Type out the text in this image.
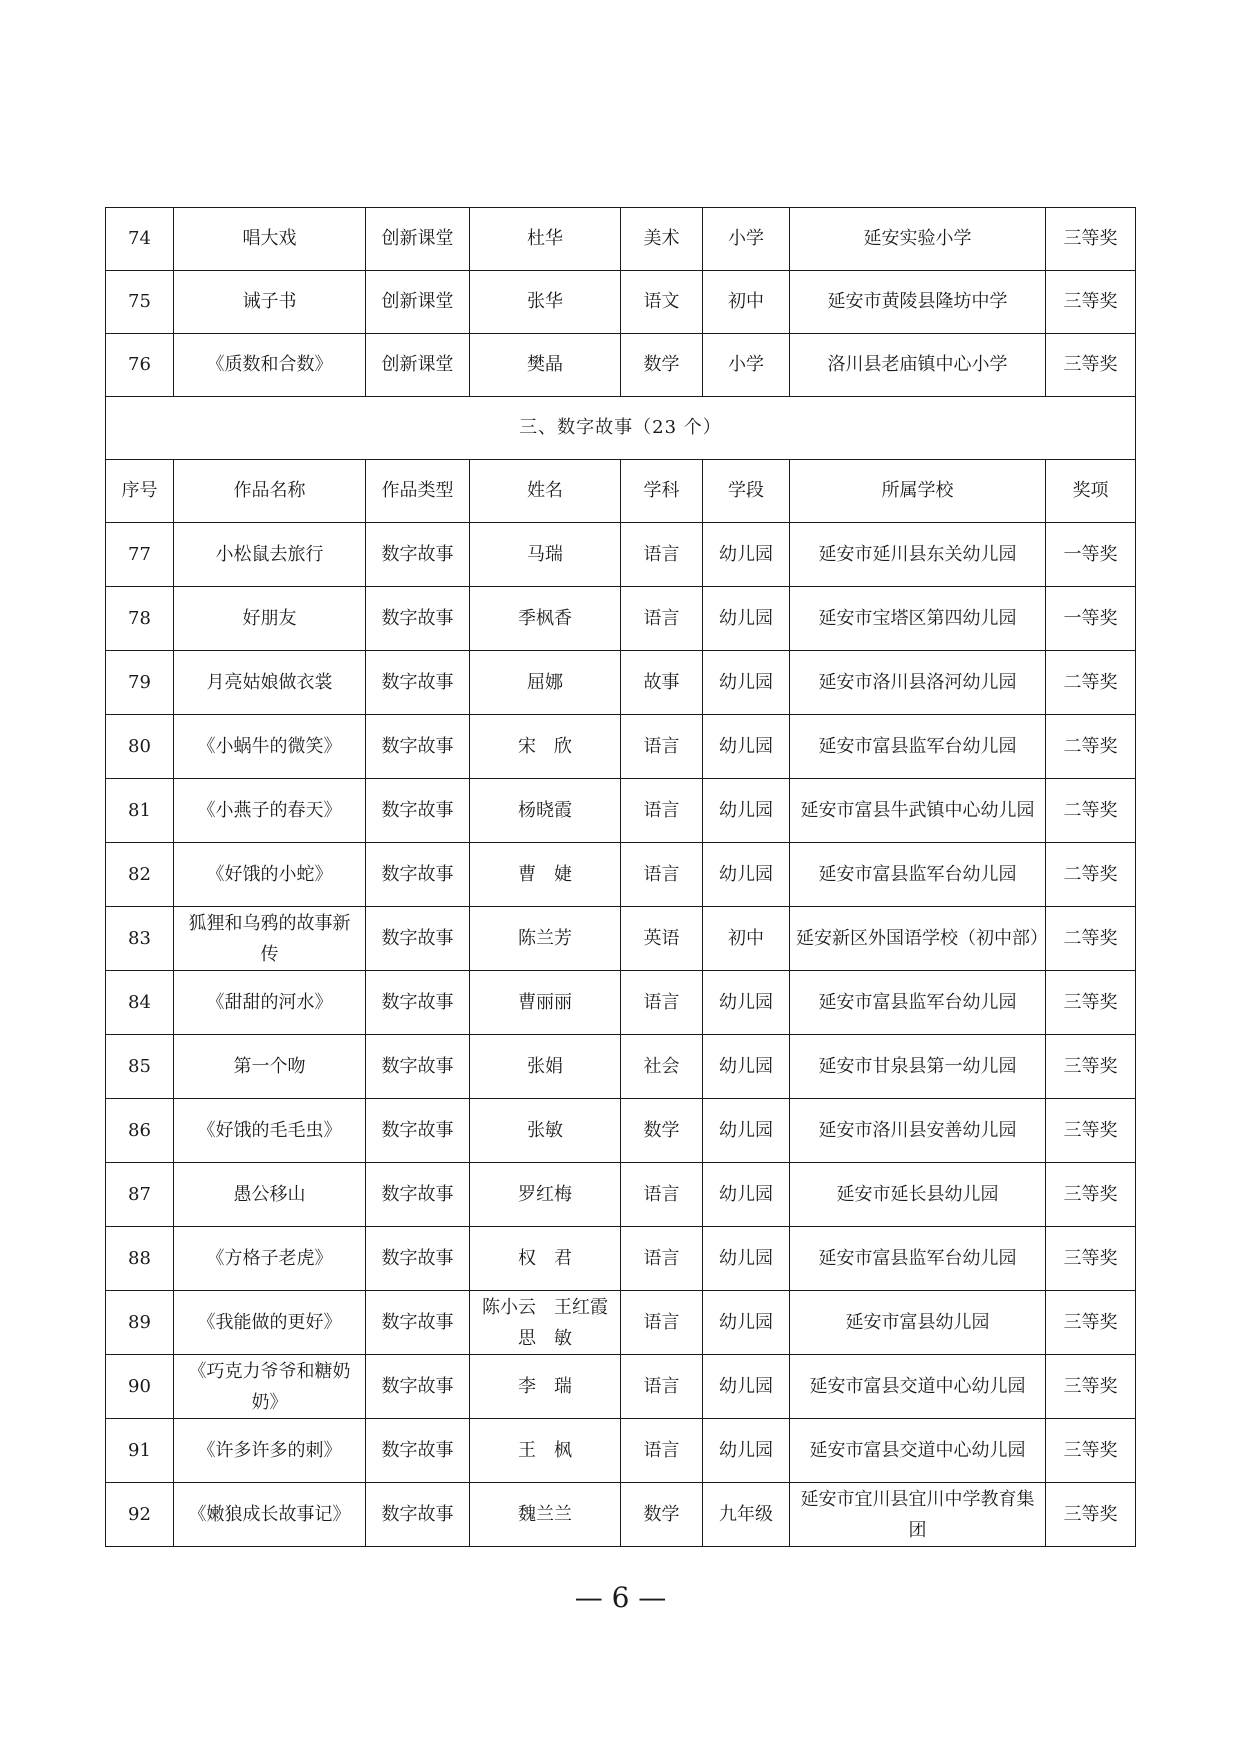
74	唱大戏	创新课堂	杜华	美术	小学	延安实验小学	三等奖
75	诫子书	创新课堂	张华	语文	初中	延安市黄陵县隆坊中学	三等奖
76	《质数和合数》	创新课堂	樊晶	数学	小学	洛川县老庙镇中心小学	三等奖
三、数字故事（23 个）							
序号	作品名称	作品类型	姓名	学科	学段	所属学校	奖项
77	小松鼠去旅行	数字故事	马瑞	语言	幼儿园	延安市延川县东关幼儿园	一等奖
78	好朋友	数字故事	季枫香	语言	幼儿园	延安市宝塔区第四幼儿园	一等奖
79	月亮姑娘做衣裳	数字故事	屈娜	故事	幼儿园	延安市洛川县洛河幼儿园	二等奖
80	《小蜗牛的微笑》	数字故事	宋　欣	语言	幼儿园	延安市富县监军台幼儿园	二等奖
81	《小燕子的春天》	数字故事	杨晓霞	语言	幼儿园	延安市富县牛武镇中心幼儿园	二等奖
82	《好饿的小蛇》	数字故事	曹　婕	语言	幼儿园	延安市富县监军台幼儿园	二等奖
83	狐狸和乌鸦的故事新传	数字故事	陈兰芳	英语	初中	延安新区外国语学校（初中部）	二等奖
84	《甜甜的河水》	数字故事	曹丽丽	语言	幼儿园	延安市富县监军台幼儿园	三等奖
85	第一个吻	数字故事	张娟	社会	幼儿园	延安市甘泉县第一幼儿园	三等奖
86	《好饿的毛毛虫》	数字故事	张敏	数学	幼儿园	延安市洛川县安善幼儿园	三等奖
87	愚公移山	数字故事	罗红梅	语言	幼儿园	延安市延长县幼儿园	三等奖
88	《方格子老虎》	数字故事	权　君	语言	幼儿园	延安市富县监军台幼儿园	三等奖
89	《我能做的更好》	数字故事	陈小云　王红霞　思　敏	语言	幼儿园	延安市富县幼儿园	三等奖
90	《巧克力爷爷和糖奶奶》	数字故事	李　瑞	语言	幼儿园	延安市富县交道中心幼儿园	三等奖
91	《许多许多的刺》	数字故事	王　枫	语言	幼儿园	延安市富县交道中心幼儿园	三等奖
92	《嫩狼成长故事记》	数字故事	魏兰兰	数学	九年级	延安市宜川县宜川中学教育集团	三等奖
— 6 —
